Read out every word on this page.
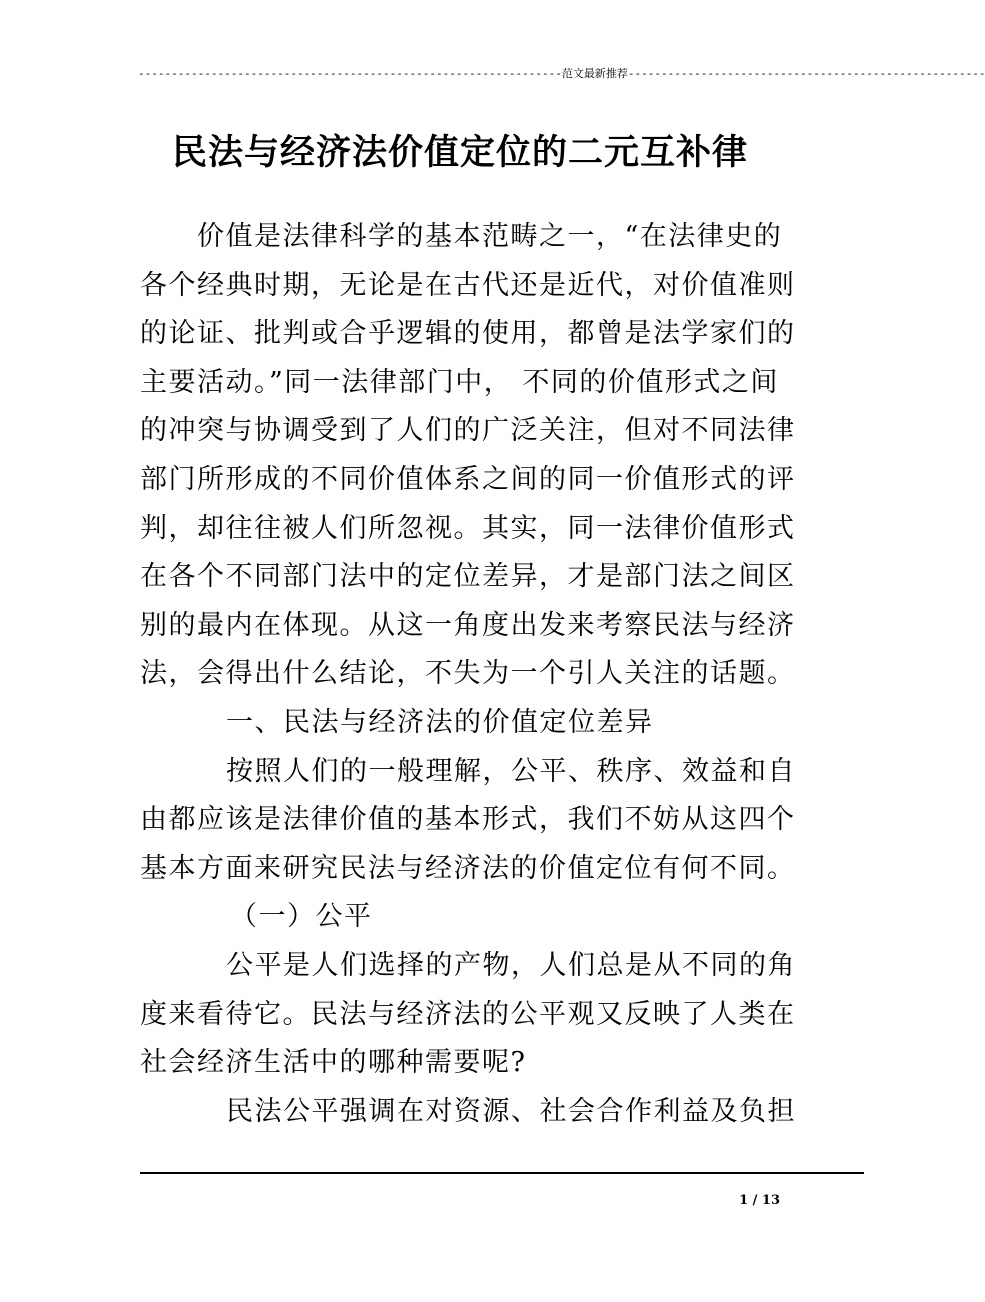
----------------------------------------------------------------范文最新推荐------------------------------------------------------
民法与经济法价值定位的二元互补律
价值是法律科学的基本范畴之一，“在法律史的
各个经典时期，无论是在古代还是近代，对价值准则
的论证、批判或合乎逻辑的使用，都曾是法学家们的
主要活动。”同一法律部门中， 不同的价值形式之间
的冲突与协调受到了人们的广泛关注，但对不同法律
部门所形成的不同价值体系之间的同一价值形式的评
判，却往往被人们所忽视。其实，同一法律价值形式
在各个不同部门法中的定位差异，才是部门法之间区
别的最内在体现。从这一角度出发来考察民法与经济
法，会得出什么结论，不失为一个引人关注的话题。
一、民法与经济法的价值定位差异
按照人们的一般理解，公平、秩序、效益和自
由都应该是法律价值的基本形式，我们不妨从这四个
基本方面来研究民法与经济法的价值定位有何不同。
（一）公平
公平是人们选择的产物，人们总是从不同的角
度来看待它。民法与经济法的公平观又反映了人类在
社会经济生活中的哪种需要呢?
民法公平强调在对资源、社会合作利益及负担
1 / 13
